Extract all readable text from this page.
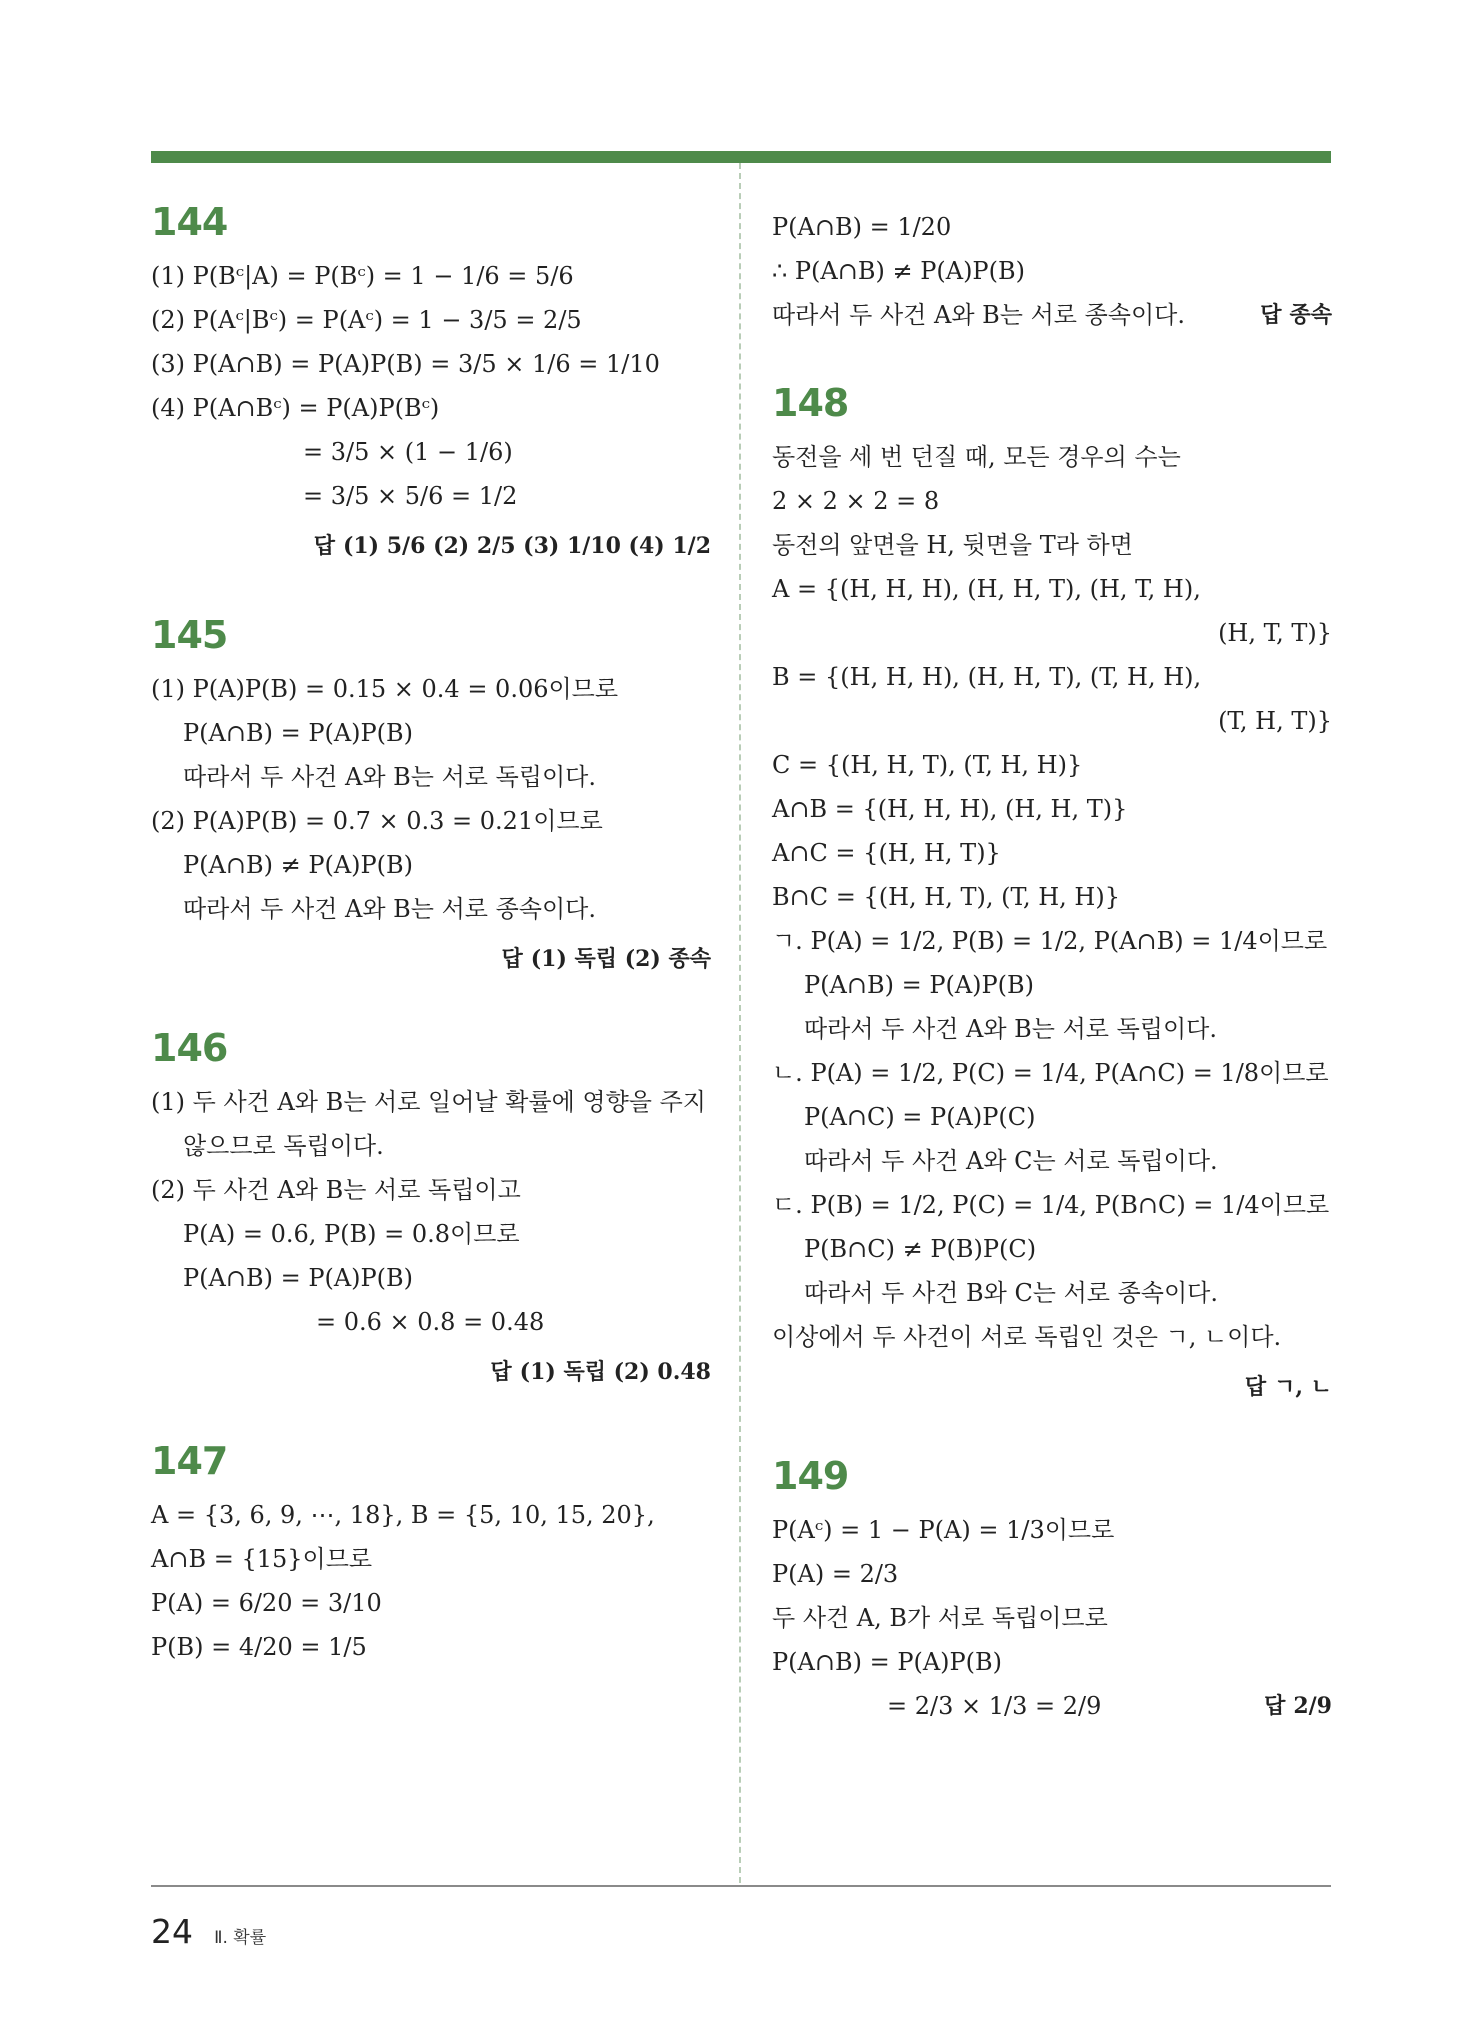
144
(1) P(Bᶜ|A) = P(Bᶜ) = 1 − 1/6 = 5/6
(2) P(Aᶜ|Bᶜ) = P(Aᶜ) = 1 − 3/5 = 2/5
(3) P(A∩B) = P(A)P(B) = 3/5 × 1/6 = 1/10
(4) P(A∩Bᶜ) = P(A)P(Bᶜ)
= 3/5 × (1 − 1/6)
= 3/5 × 5/6 = 1/2
답 (1) 5/6 (2) 2/5 (3) 1/10 (4) 1/2
145
(1) P(A)P(B) = 0.15 × 0.4 = 0.06이므로
P(A∩B) = P(A)P(B)
따라서 두 사건 A와 B는 서로 독립이다.
(2) P(A)P(B) = 0.7 × 0.3 = 0.21이므로
P(A∩B) ≠ P(A)P(B)
따라서 두 사건 A와 B는 서로 종속이다.
답 (1) 독립 (2) 종속
146
(1) 두 사건 A와 B는 서로 일어날 확률에 영향을 주지
않으므로 독립이다.
(2) 두 사건 A와 B는 서로 독립이고
P(A) = 0.6, P(B) = 0.8이므로
P(A∩B) = P(A)P(B)
= 0.6 × 0.8 = 0.48
답 (1) 독립 (2) 0.48
147
A = {3, 6, 9, ⋯, 18}, B = {5, 10, 15, 20},
A∩B = {15}이므로
P(A) = 6/20 = 3/10
P(B) = 4/20 = 1/5
P(A∩B) = 1/20
∴ P(A∩B) ≠ P(A)P(B)
따라서 두 사건 A와 B는 서로 종속이다.	답 종속
148
동전을 세 번 던질 때, 모든 경우의 수는
2 × 2 × 2 = 8
동전의 앞면을 H, 뒷면을 T라 하면
A = {(H, H, H), (H, H, T), (H, T, H),
(H, T, T)}
B = {(H, H, H), (H, H, T), (T, H, H),
(T, H, T)}
C = {(H, H, T), (T, H, H)}
A∩B = {(H, H, H), (H, H, T)}
A∩C = {(H, H, T)}
B∩C = {(H, H, T), (T, H, H)}
ㄱ. P(A) = 1/2, P(B) = 1/2, P(A∩B) = 1/4이므로
P(A∩B) = P(A)P(B)
따라서 두 사건 A와 B는 서로 독립이다.
ㄴ. P(A) = 1/2, P(C) = 1/4, P(A∩C) = 1/8이므로
P(A∩C) = P(A)P(C)
따라서 두 사건 A와 C는 서로 독립이다.
ㄷ. P(B) = 1/2, P(C) = 1/4, P(B∩C) = 1/4이므로
P(B∩C) ≠ P(B)P(C)
따라서 두 사건 B와 C는 서로 종속이다.
이상에서 두 사건이 서로 독립인 것은 ㄱ, ㄴ이다.
답 ㄱ, ㄴ
149
P(Aᶜ) = 1 − P(A) = 1/3이므로
P(A) = 2/3
두 사건 A, B가 서로 독립이므로
P(A∩B) = P(A)P(B)
= 2/3 × 1/3 = 2/9	답 2/9
24 Ⅱ. 확률
